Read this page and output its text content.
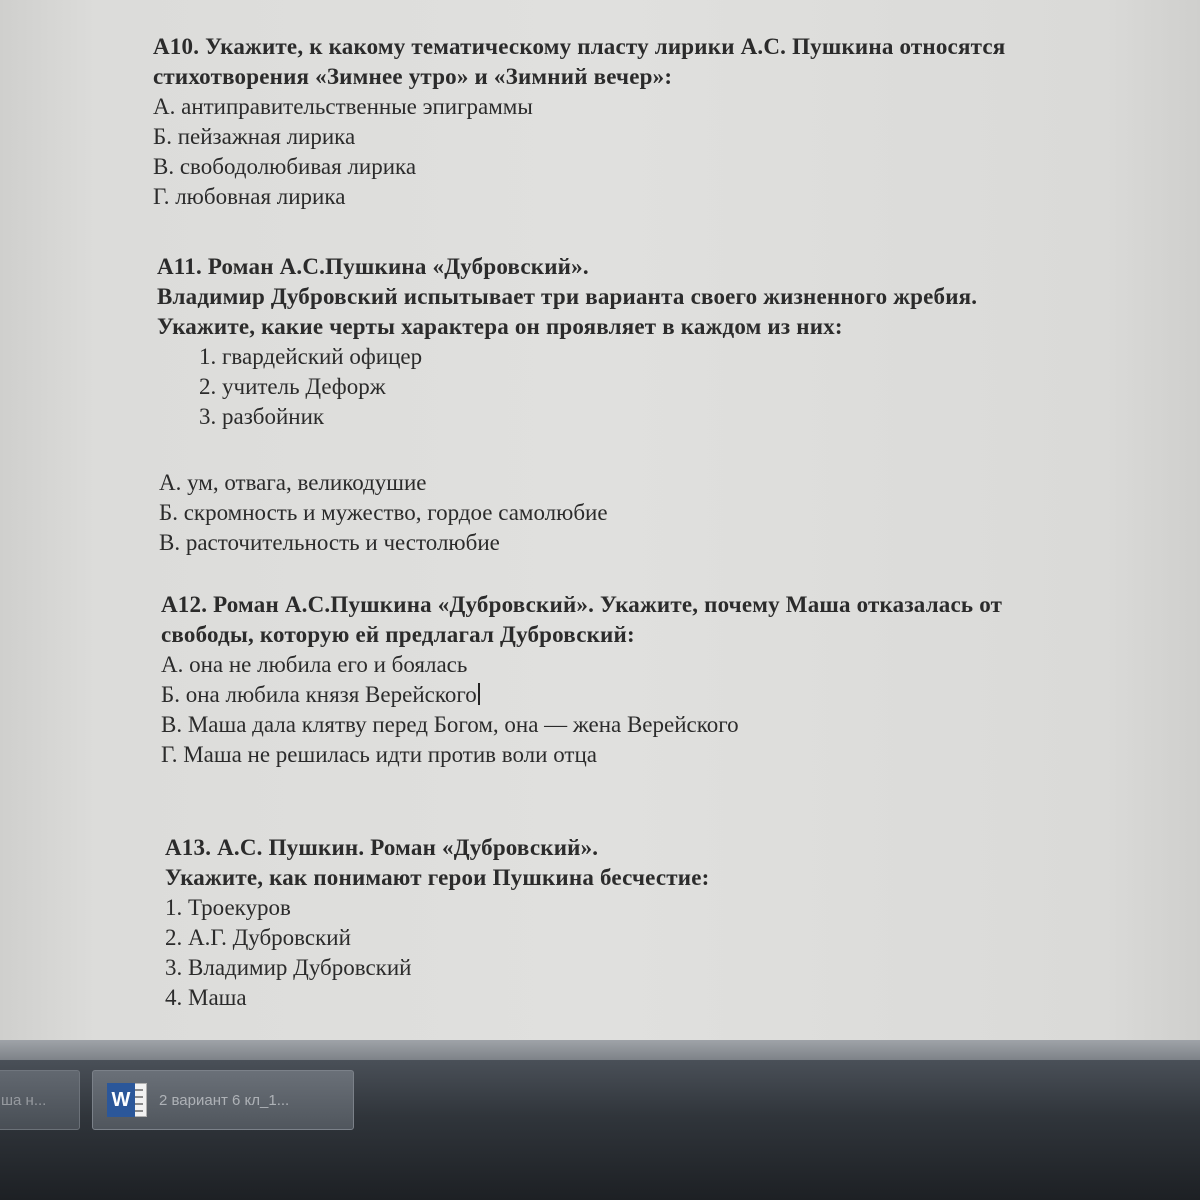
А10. Укажите, к какому тематическому пласту лирики А.С. Пушкина относятся
стихотворения «Зимнее утро» и «Зимний вечер»:
А. антиправительственные эпиграммы
Б. пейзажная лирика
В. свободолюбивая лирика
Г. любовная лирика
А11. Роман А.С.Пушкина «Дубровский».
Владимир Дубровский испытывает три варианта своего жизненного жребия.
Укажите, какие черты характера он проявляет в каждом из них:
1. гвардейский офицер
2. учитель Дефорж
3. разбойник
А. ум, отвага, великодушие
Б. скромность и мужество, гордое самолюбие
В. расточительность и честолюбие
А12. Роман А.С.Пушкина «Дубровский». Укажите, почему Маша отказалась от
свободы, которую ей предлагал Дубровский:
А. она не любила его и боялась
Б. она любила князя Верейского
В. Маша дала клятву перед Богом, она — жена Верейского
Г. Маша не решилась идти против воли отца
А13. А.С. Пушкин. Роман «Дубровский».
Укажите, как понимают герои Пушкина бесчестие:
1. Троекуров
2. А.Г. Дубровский
3. Владимир Дубровский
4. Маша
ша н...	W	2 вариант 6 кл_1...
